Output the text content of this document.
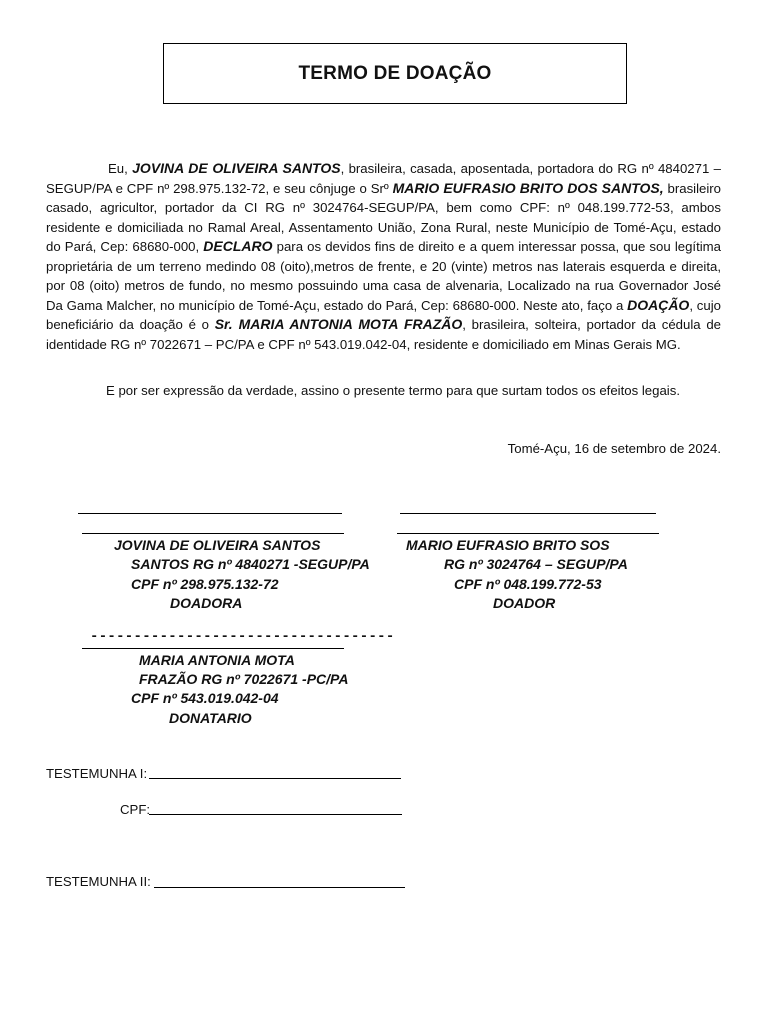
TERMO DE DOAÇÃO

Eu, JOVINA DE OLIVEIRA SANTOS, brasileira, casada, aposentada, portadora do RG nº 4840271 – SEGUP/PA e CPF nº 298.975.132-72, e seu cônjuge o Srº MARIO EUFRASIO BRITO DOS SANTOS, brasileiro casado, agricultor, portador da CI RG nº 3024764-SEGUP/PA, bem como CPF: nº 048.199.772-53, ambos residente e domiciliada no Ramal Areal, Assentamento União, Zona Rural, neste Município de Tomé-Açu, estado do Pará, Cep: 68680-000, DECLARO para os devidos fins de direito e a quem interessar possa, que sou legítima proprietária de um terreno medindo 08 (oito),metros de frente, e 20 (vinte) metros nas laterais esquerda e direita, por 08 (oito) metros de fundo, no mesmo possuindo uma casa de alvenaria, Localizado na rua Governador José Da Gama Malcher, no município de Tomé-Açu, estado do Pará, Cep: 68680-000. Neste ato, faço a DOAÇÃO, cujo beneficiário da doação é o Sr. MARIA ANTONIA MOTA FRAZÃO, brasileira, solteira, portador da cédula de identidade RG nº 7022671 – PC/PA e CPF nº 543.019.042-04, residente e domiciliado em Minas Gerais MG.

E por ser expressão da verdade, assino o presente termo para que surtam todos os efeitos legais.

Tomé-Açu, 16 de setembro de 2024.

JOVINA DE OLIVEIRA SANTOS

SANTOS RG nº 4840271 -SEGUP/PA

CPF nº 298.975.132-72

DOADORA

MARIO EUFRASIO BRITO SOS

RG nº 3024764 – SEGUP/PA

CPF nº 048.199.772-53

DOADOR

-----------------------------------

MARIA ANTONIA MOTA

FRAZÃO RG nº 7022671 -PC/PA

CPF nº 543.019.042-04

DONATARIO

TESTEMUNHA I:

CPF:

TESTEMUNHA II:
